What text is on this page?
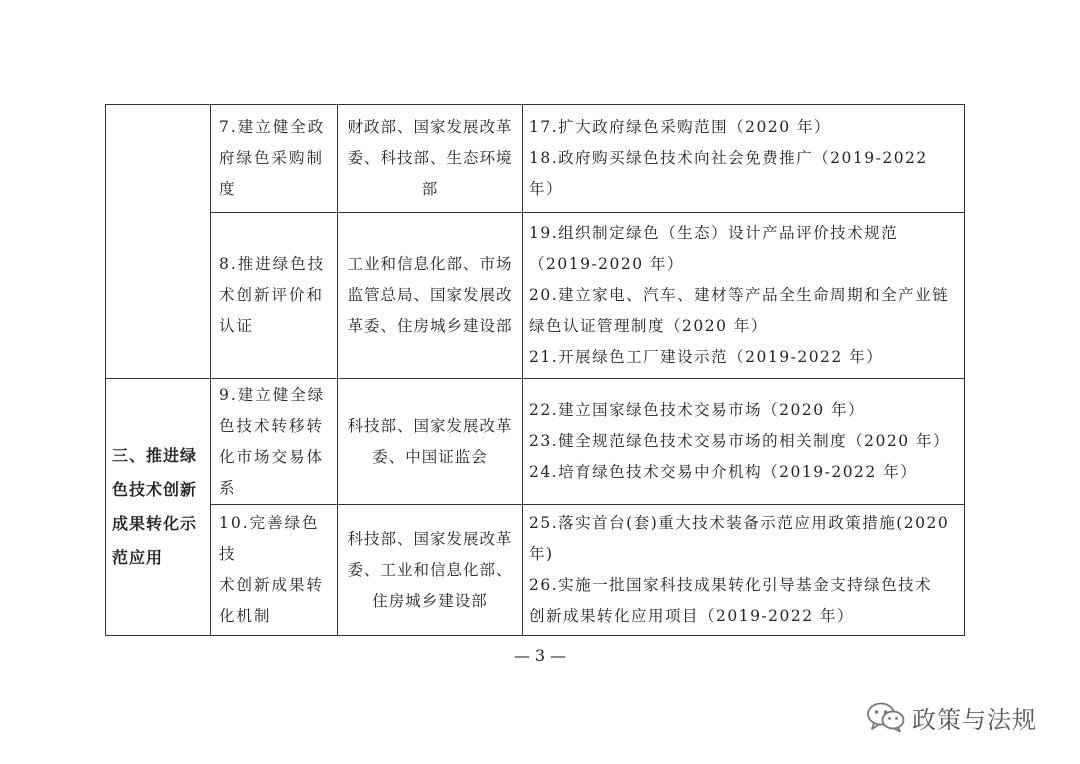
	7.建立健全政
府绿色采购制
度	财政部、国家发展改革
委、科技部、生态环境
部	17.扩大政府绿色采购范围（2020 年）
18.政府购买绿色技术向社会免费推广（2019-2022 年）

	8.推进绿色技
术创新评价和
认证	工业和信息化部、市场
监管总局、国家发展改
革委、住房城乡建设部	19.组织制定绿色（生态）设计产品评价技术规范
（2019-2020 年）
20.建立家电、汽车、建材等产品全生命周期和全产业链
绿色认证管理制度（2020 年）
21.开展绿色工厂建设示范（2019-2022 年）

三、推进绿
色技术创新
成果转化示
范应用	9.建立健全绿
色技术转移转
化市场交易体
系	科技部、国家发展改革
委、中国证监会	22.建立国家绿色技术交易市场（2020 年）
23.健全规范绿色技术交易市场的相关制度（2020 年）
24.培育绿色技术交易中介机构（2019-2022 年）

	10.完善绿色技
术创新成果转
化机制	科技部、国家发展改革
委、工业和信息化部、
住房城乡建设部	25.落实首台(套)重大技术装备示范应用政策措施(2020
年)
26.实施一批国家科技成果转化引导基金支持绿色技术
创新成果转化应用项目（2019-2022 年）
— 3 —
政策与法规
